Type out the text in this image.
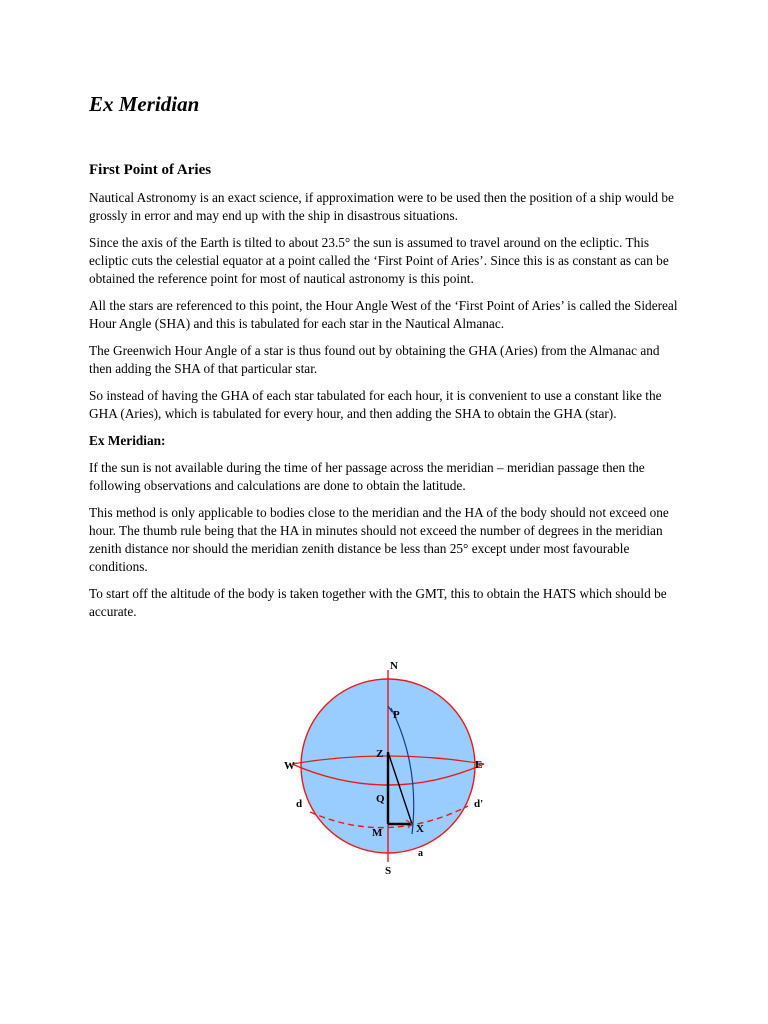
Ex Meridian
First Point of Aries

Nautical Astronomy is an exact science, if approximation were to be used then the position of a ship would be grossly in error and may end up with the ship in disastrous situations.

Since the axis of the Earth is tilted to about 23.5° the sun is assumed to travel around on the ecliptic. This ecliptic cuts the celestial equator at a point called the ‘First Point of Aries’. Since this is as constant as can be obtained the reference point for most of nautical astronomy is this point.

All the stars are referenced to this point, the Hour Angle West of the ‘First Point of Aries’ is called the Sidereal Hour Angle (SHA) and this is tabulated for each star in the Nautical Almanac.

The Greenwich Hour Angle of a star is thus found out by obtaining the GHA (Aries) from the Almanac and then adding the SHA of that particular star.

So instead of having the GHA of each star tabulated for each hour, it is convenient to use a constant like the GHA (Aries), which is tabulated for every hour, and then adding the SHA to obtain the GHA (star).

Ex Meridian:

If the sun is not available during the time of her passage across the meridian – meridian passage then the following observations and calculations are done to obtain the latitude.

This method is only applicable to bodies close to the meridian and the HA of the body should not exceed one hour. The thumb rule being that the HA in minutes should not exceed the number of degrees in the meridian zenith distance nor should the meridian zenith distance be less than 25° except under most favourable conditions.

To start off the altitude of the body is taken together with the GMT, this to obtain the HATS which should be accurate.

N
P
Z
W	E
Q
d	d'
M	X
S
a
